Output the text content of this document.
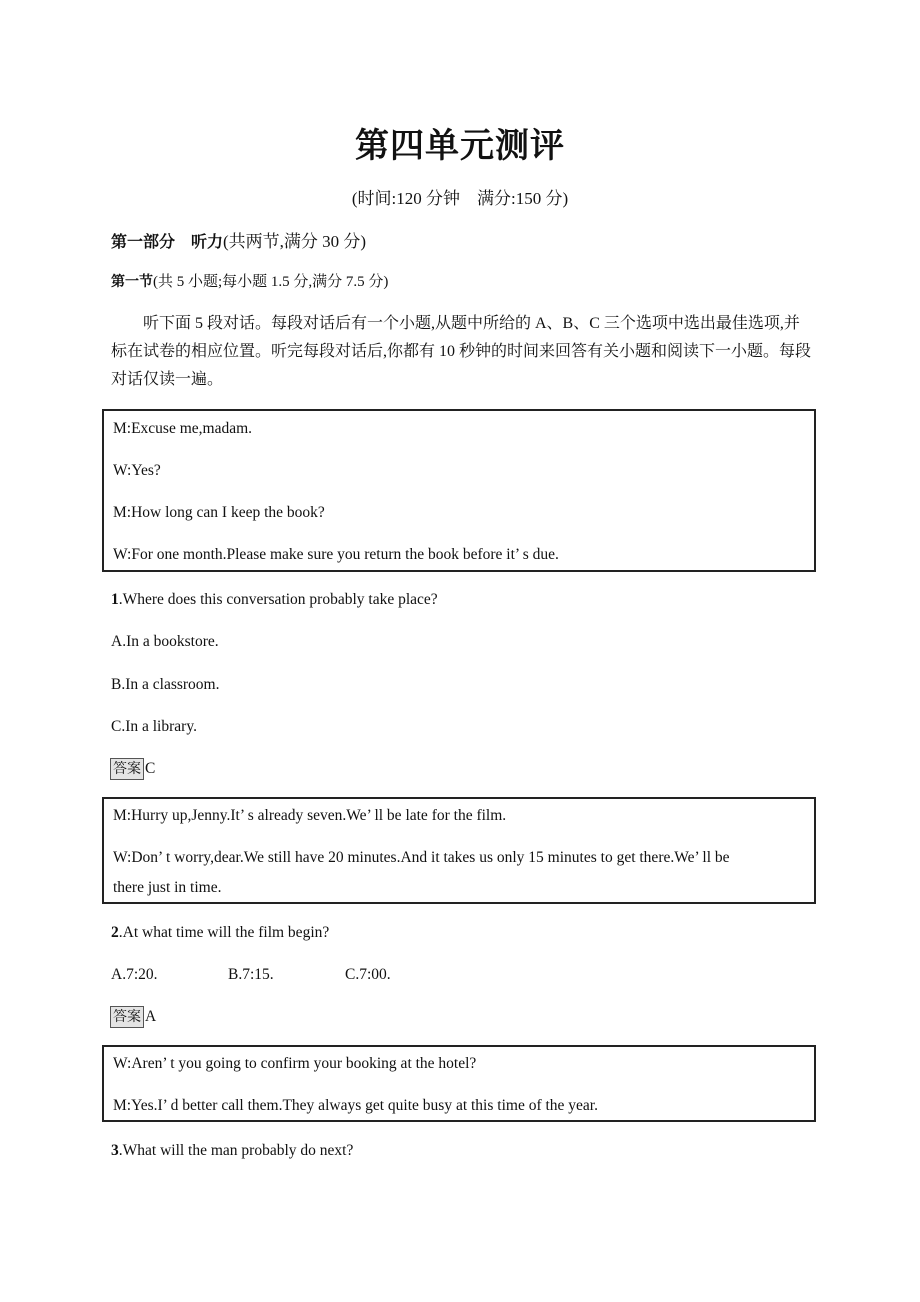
第四单元测评
(时间:120 分钟　满分:150 分)
第一部分　听力(共两节,满分 30 分)
第一节(共 5 小题;每小题 1.5 分,满分 7.5 分)
听下面 5 段对话。每段对话后有一个小题,从题中所给的 A、B、C 三个选项中选出最佳选项,并标在试卷的相应位置。听完每段对话后,你都有 10 秒钟的时间来回答有关小题和阅读下一小题。每段对话仅读一遍。
M:Excuse me,madam.
W:Yes?
M:How long can I keep the book?
W:For one month.Please make sure you return the book before it’ s due.
1.Where does this conversation probably take place?
A.In a bookstore.
B.In a classroom.
C.In a library.
答案 C
M:Hurry up,Jenny.It’ s already seven.We’ ll be late for the film.
W:Don’ t worry,dear.We still have 20 minutes.And it takes us only 15 minutes to get there.We’ ll be
there just in time.
2.At what time will the film begin?
A.7:20.	B.7:15.	C.7:00.
答案 A
W:Aren’ t you going to confirm your booking at the hotel?
M:Yes.I’ d better call them.They always get quite busy at this time of the year.
3.What will the man probably do next?
